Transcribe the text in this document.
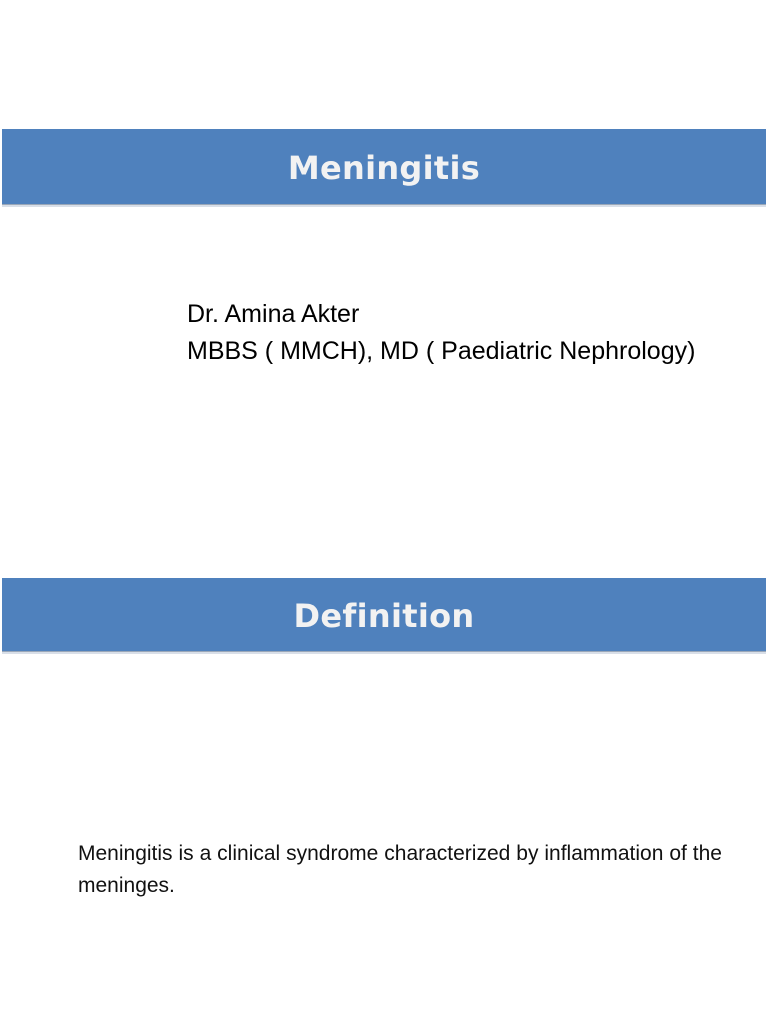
Meningitis
Dr. Amina Akter
MBBS ( MMCH), MD ( Paediatric Nephrology)
Definition

Meningitis is a clinical syndrome characterized by inflammation of the meninges.
